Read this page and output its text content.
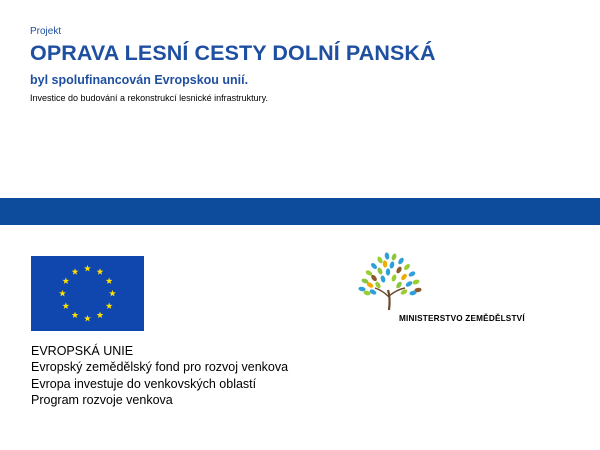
Projekt
OPRAVA LESNÍ CESTY DOLNÍ PANSKÁ
byl spolufinancován Evropskou unií.
Investice do budování a rekonstrukcí lesnické infrastruktury.
EVROPSKÁ UNIE
Evropský zemědělský fond pro rozvoj venkova
Evropa investuje do venkovských oblastí
Program rozvoje venkova
MINISTERSTVO ZEMĚDĚLSTVÍ
